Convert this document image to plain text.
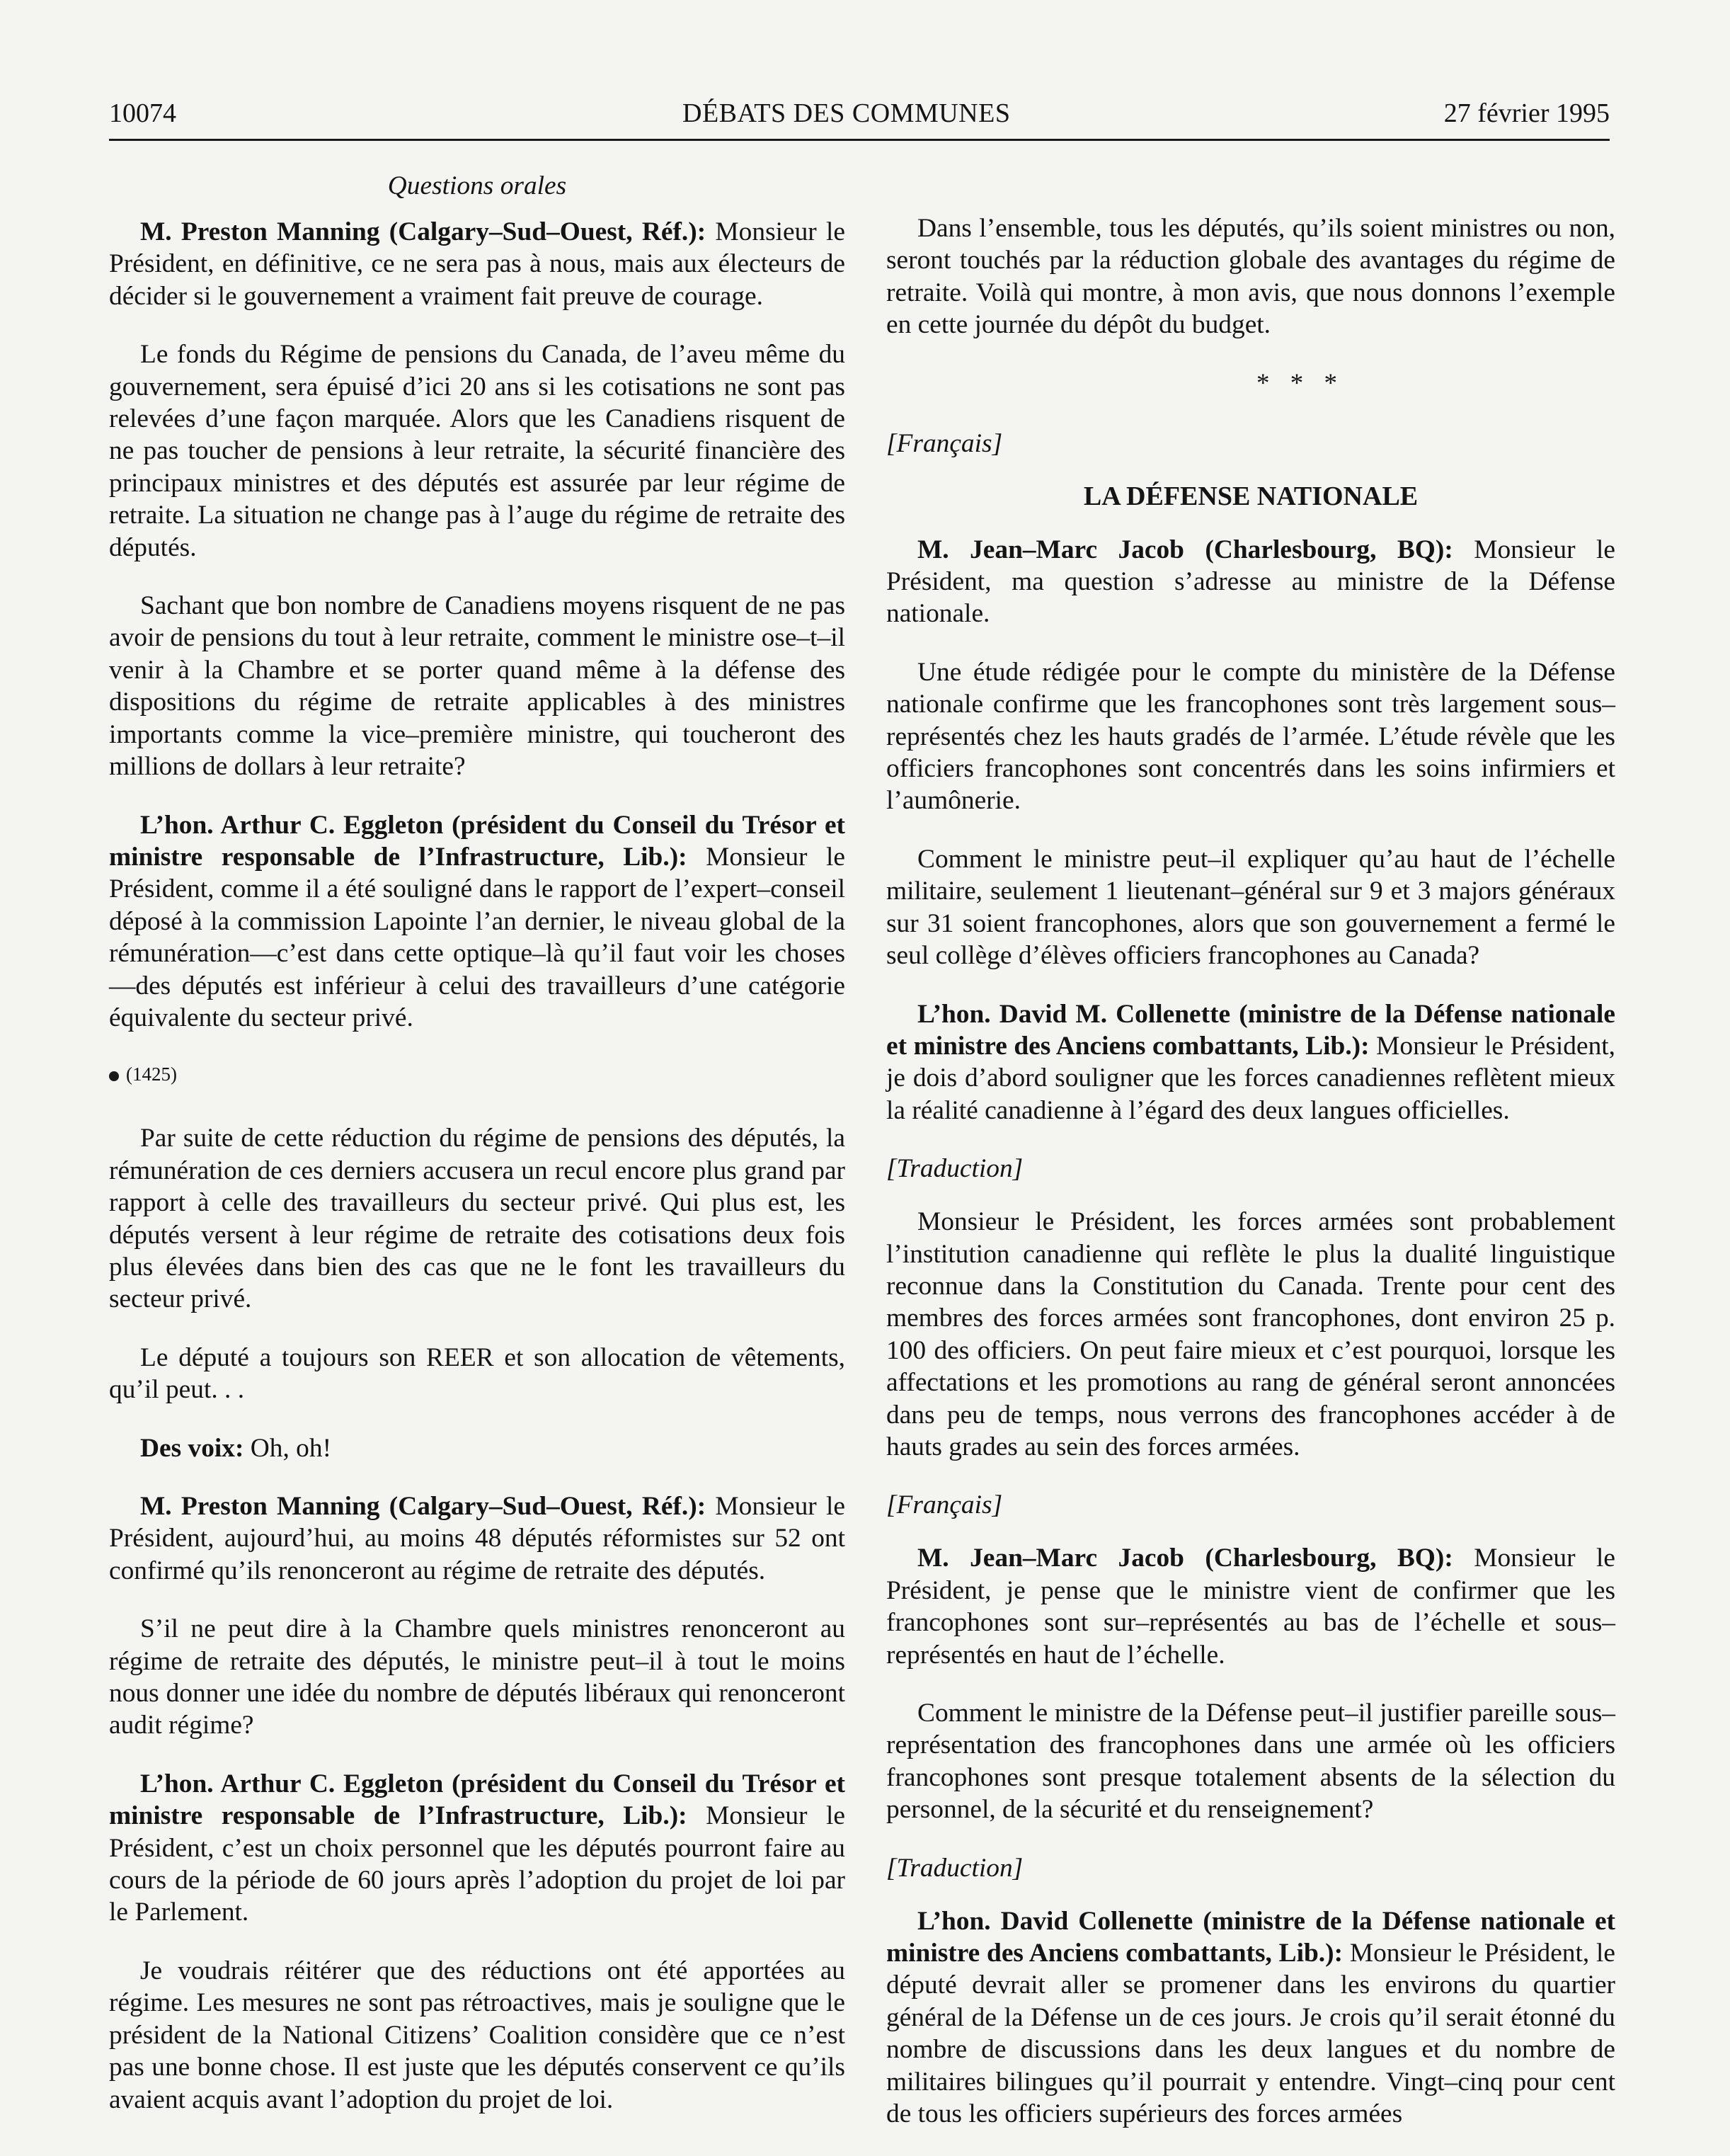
10074	DÉBATS DES COMMUNES	27 février 1995

Questions orales

M. Preston Manning (Calgary–Sud–Ouest, Réf.): Monsieur le Président, en définitive, ce ne sera pas à nous, mais aux électeurs de décider si le gouvernement a vraiment fait preuve de courage.

Le fonds du Régime de pensions du Canada, de l’aveu même du gouvernement, sera épuisé d’ici 20 ans si les cotisations ne sont pas relevées d’une façon marquée. Alors que les Canadiens risquent de ne pas toucher de pensions à leur retraite, la sécurité financière des principaux ministres et des députés est assurée par leur régime de retraite. La situation ne change pas à l’auge du régime de retraite des députés.

Sachant que bon nombre de Canadiens moyens risquent de ne pas avoir de pensions du tout à leur retraite, comment le ministre ose–t–il venir à la Chambre et se porter quand même à la défense des dispositions du régime de retraite applicables à des ministres importants comme la vice–première ministre, qui toucheront des millions de dollars à leur retraite?

L’hon. Arthur C. Eggleton (président du Conseil du Trésor et ministre responsable de l’Infrastructure, Lib.): Monsieur le Président, comme il a été souligné dans le rapport de l’expert–conseil déposé à la commission Lapointe l’an dernier, le niveau global de la rémunération—c’est dans cette optique–là qu’il faut voir les choses—des députés est inférieur à celui des travailleurs d’une catégorie équivalente du secteur privé.

(1425)

Par suite de cette réduction du régime de pensions des députés, la rémunération de ces derniers accusera un recul encore plus grand par rapport à celle des travailleurs du secteur privé. Qui plus est, les députés versent à leur régime de retraite des cotisations deux fois plus élevées dans bien des cas que ne le font les travailleurs du secteur privé.

Le député a toujours son REER et son allocation de vêtements, qu’il peut. . .

Des voix: Oh, oh!

M. Preston Manning (Calgary–Sud–Ouest, Réf.): Monsieur le Président, aujourd’hui, au moins 48 députés réformistes sur 52 ont confirmé qu’ils renonceront au régime de retraite des députés.

S’il ne peut dire à la Chambre quels ministres renonceront au régime de retraite des députés, le ministre peut–il à tout le moins nous donner une idée du nombre de députés libéraux qui renonceront audit régime?

L’hon. Arthur C. Eggleton (président du Conseil du Trésor et ministre responsable de l’Infrastructure, Lib.): Monsieur le Président, c’est un choix personnel que les députés pourront faire au cours de la période de 60 jours après l’adoption du projet de loi par le Parlement.

Je voudrais réitérer que des réductions ont été apportées au régime. Les mesures ne sont pas rétroactives, mais je souligne que le président de la National Citizens’ Coalition considère que ce n’est pas une bonne chose. Il est juste que les députés conservent ce qu’ils avaient acquis avant l’adoption du projet de loi.

Dans l’ensemble, tous les députés, qu’ils soient ministres ou non, seront touchés par la réduction globale des avantages du régime de retraite. Voilà qui montre, à mon avis, que nous donnons l’exemple en cette journée du dépôt du budget.

* * *

[Français]

LA DÉFENSE NATIONALE

M. Jean–Marc Jacob (Charlesbourg, BQ): Monsieur le Président, ma question s’adresse au ministre de la Défense nationale.

Une étude rédigée pour le compte du ministère de la Défense nationale confirme que les francophones sont très largement sous–représentés chez les hauts gradés de l’armée. L’étude révèle que les officiers francophones sont concentrés dans les soins infirmiers et l’aumônerie.

Comment le ministre peut–il expliquer qu’au haut de l’échelle militaire, seulement 1 lieutenant–général sur 9 et 3 majors généraux sur 31 soient francophones, alors que son gouvernement a fermé le seul collège d’élèves officiers francophones au Canada?

L’hon. David M. Collenette (ministre de la Défense nationale et ministre des Anciens combattants, Lib.): Monsieur le Président, je dois d’abord souligner que les forces canadiennes reflètent mieux la réalité canadienne à l’égard des deux langues officielles.

[Traduction]

Monsieur le Président, les forces armées sont probablement l’institution canadienne qui reflète le plus la dualité linguistique reconnue dans la Constitution du Canada. Trente pour cent des membres des forces armées sont francophones, dont environ 25 p. 100 des officiers. On peut faire mieux et c’est pourquoi, lorsque les affectations et les promotions au rang de général seront annoncées dans peu de temps, nous verrons des francophones accéder à de hauts grades au sein des forces armées.

[Français]

M. Jean–Marc Jacob (Charlesbourg, BQ): Monsieur le Président, je pense que le ministre vient de confirmer que les francophones sont sur–représentés au bas de l’échelle et sous–représentés en haut de l’échelle.

Comment le ministre de la Défense peut–il justifier pareille sous–représentation des francophones dans une armée où les officiers francophones sont presque totalement absents de la sélection du personnel, de la sécurité et du renseignement?

[Traduction]

L’hon. David Collenette (ministre de la Défense nationale et ministre des Anciens combattants, Lib.): Monsieur le Président, le député devrait aller se promener dans les environs du quartier général de la Défense un de ces jours. Je crois qu’il serait étonné du nombre de discussions dans les deux langues et du nombre de militaires bilingues qu’il pourrait y entendre. Vingt–cinq pour cent de tous les officiers supérieurs des forces armées
